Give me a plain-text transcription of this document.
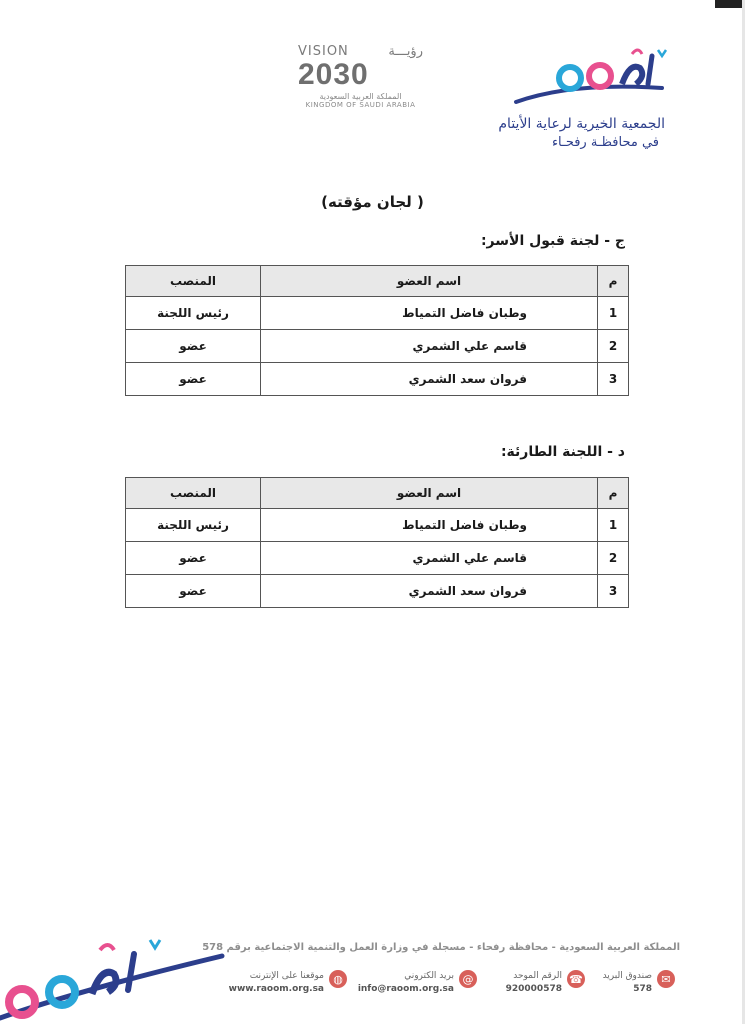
VISION	رؤيـــة
2030
المملكة العربية السعودية
KINGDOM OF SAUDI ARABIA
الجمعية الخيرية لرعاية الأيتام
في محافظـة رفحـاء
( لجان مؤقته)
ج - لجنة قبول الأسر:
م	اسم العضو	المنصب
1	وطبان فاضل التمياط	رئيس اللجنة
2	قاسم علي الشمري	عضو
3	فروان سعد الشمري	عضو
د - اللجنة الطارئة:
م	اسم العضو	المنصب
1	وطبان فاضل التمياط	رئيس اللجنة
2	قاسم علي الشمري	عضو
3	فروان سعد الشمري	عضو
المملكة العربية السعودية - محافظة رفحاء - مسجلة في وزارة العمل والتنمية الاجتماعية برقم 578
✉
صندوق البريد
578
☎
الرقم الموحد
920000578
@
بريد الكتروني
info@raoom.org.sa
◍
موقعنا على الإنترنت
www.raoom.org.sa
